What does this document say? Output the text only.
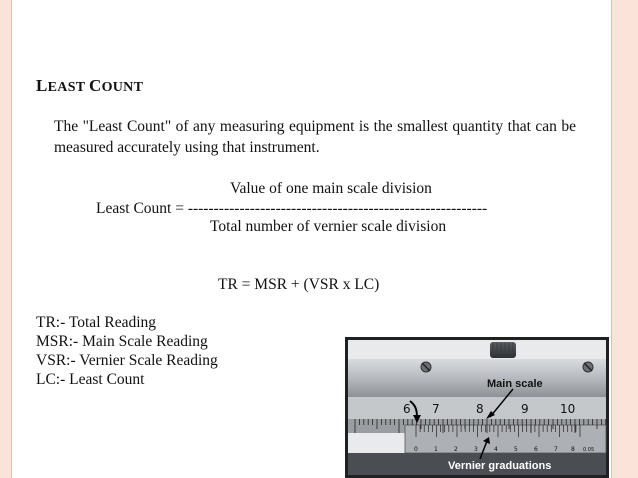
LEAST COUNT

The "Least Count" of any measuring equipment is the smallest quantity that can be measured accurately using that instrument.

Value of one main scale division
Least Count = ----------------------------------------------------------
Total number of vernier scale division
TR = MSR + (VSR x LC)
TR:- Total Reading
MSR:- Main Scale Reading
VSR:- Vernier Scale Reading
LC:- Least Count
6 7	8	9	10
0	1	2	3	4	5	6	7 8 0.05
Main scale
Vernier graduations
